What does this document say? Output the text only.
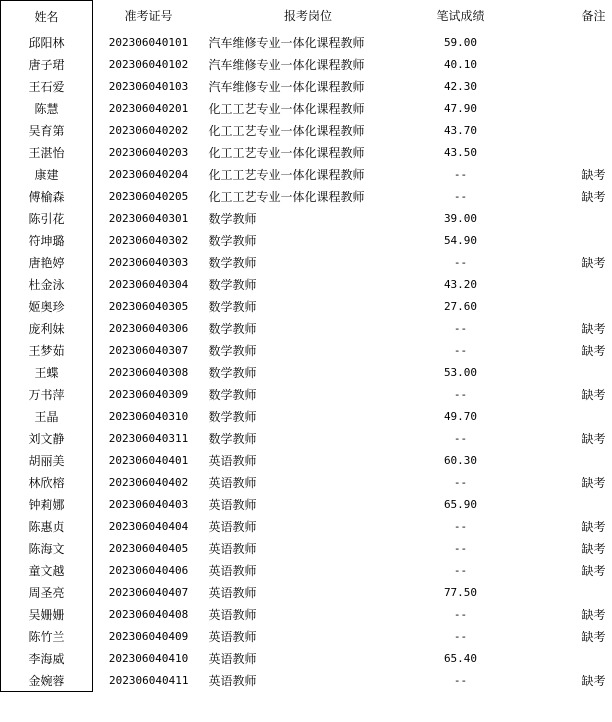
姓名	准考证号	报考岗位	笔试成绩	备注
邱阳林	202306040101	汽车维修专业一体化课程教师	59.00	
唐子珺	202306040102	汽车维修专业一体化课程教师	40.10	
王石爱	202306040103	汽车维修专业一体化课程教师	42.30	
陈慧	202306040201	化工工艺专业一体化课程教师	47.90	
吴育第	202306040202	化工工艺专业一体化课程教师	43.70	
王湛怡	202306040203	化工工艺专业一体化课程教师	43.50	
康建	202306040204	化工工艺专业一体化课程教师	--	缺考
傅榆森	202306040205	化工工艺专业一体化课程教师	--	缺考
陈引花	202306040301	数学教师	39.00	
符坤璐	202306040302	数学教师	54.90	
唐艳婷	202306040303	数学教师	--	缺考
杜金泳	202306040304	数学教师	43.20	
姬奥珍	202306040305	数学教师	27.60	
庞利妹	202306040306	数学教师	--	缺考
王梦茹	202306040307	数学教师	--	缺考
王蝶	202306040308	数学教师	53.00	
万书萍	202306040309	数学教师	--	缺考
王晶	202306040310	数学教师	49.70	
刘文静	202306040311	数学教师	--	缺考
胡丽美	202306040401	英语教师	60.30	
林欣榕	202306040402	英语教师	--	缺考
钟莉娜	202306040403	英语教师	65.90	
陈惠贞	202306040404	英语教师	--	缺考
陈海文	202306040405	英语教师	--	缺考
童文越	202306040406	英语教师	--	缺考
周圣亮	202306040407	英语教师	77.50	
吴姗姗	202306040408	英语教师	--	缺考
陈竹兰	202306040409	英语教师	--	缺考
李海威	202306040410	英语教师	65.40	
金婉蓉	202306040411	英语教师	--	缺考
